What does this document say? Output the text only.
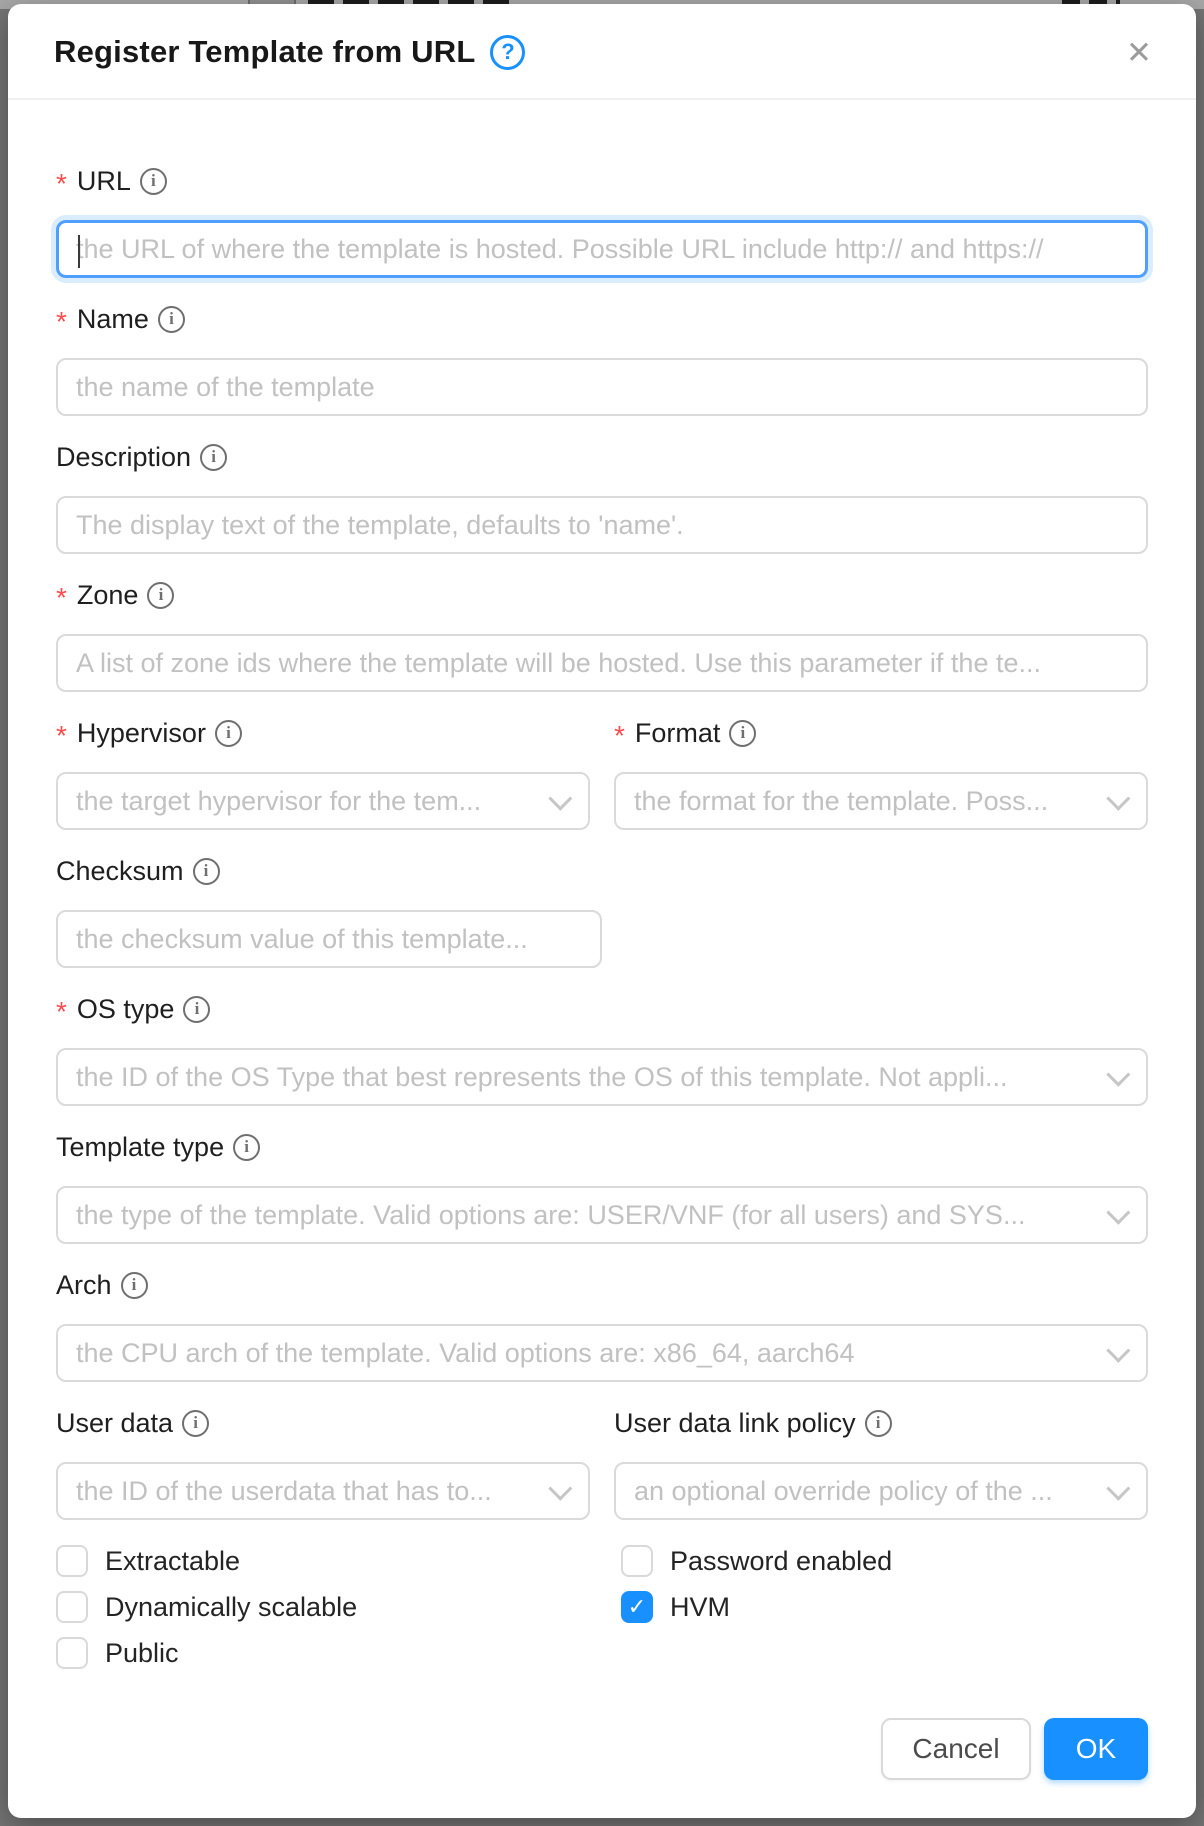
Register Template from URL ?	✕
* URL i
the URL of where the template is hosted. Possible URL include http:// and https://
* Name i
the name of the template
Description i
The display text of the template, defaults to 'name'.
* Zone i
A list of zone ids where the template will be hosted. Use this parameter if the te...
* Hypervisor i
the target hypervisor for the tem...
* Format i
the format for the template. Poss...
Checksum i
the checksum value of this template...
* OS type i
the ID of the OS Type that best represents the OS of this template. Not appli...
Template type i
the type of the template. Valid options are: USER/VNF (for all users) and SYS...
Arch i
the CPU arch of the template. Valid options are: x86_64, aarch64
User data i
the ID of the userdata that has to...
User data link policy i
an optional override policy of the ...
Extractable
Dynamically scalable
Public
Password enabled
✓ HVM
Cancel	OK
